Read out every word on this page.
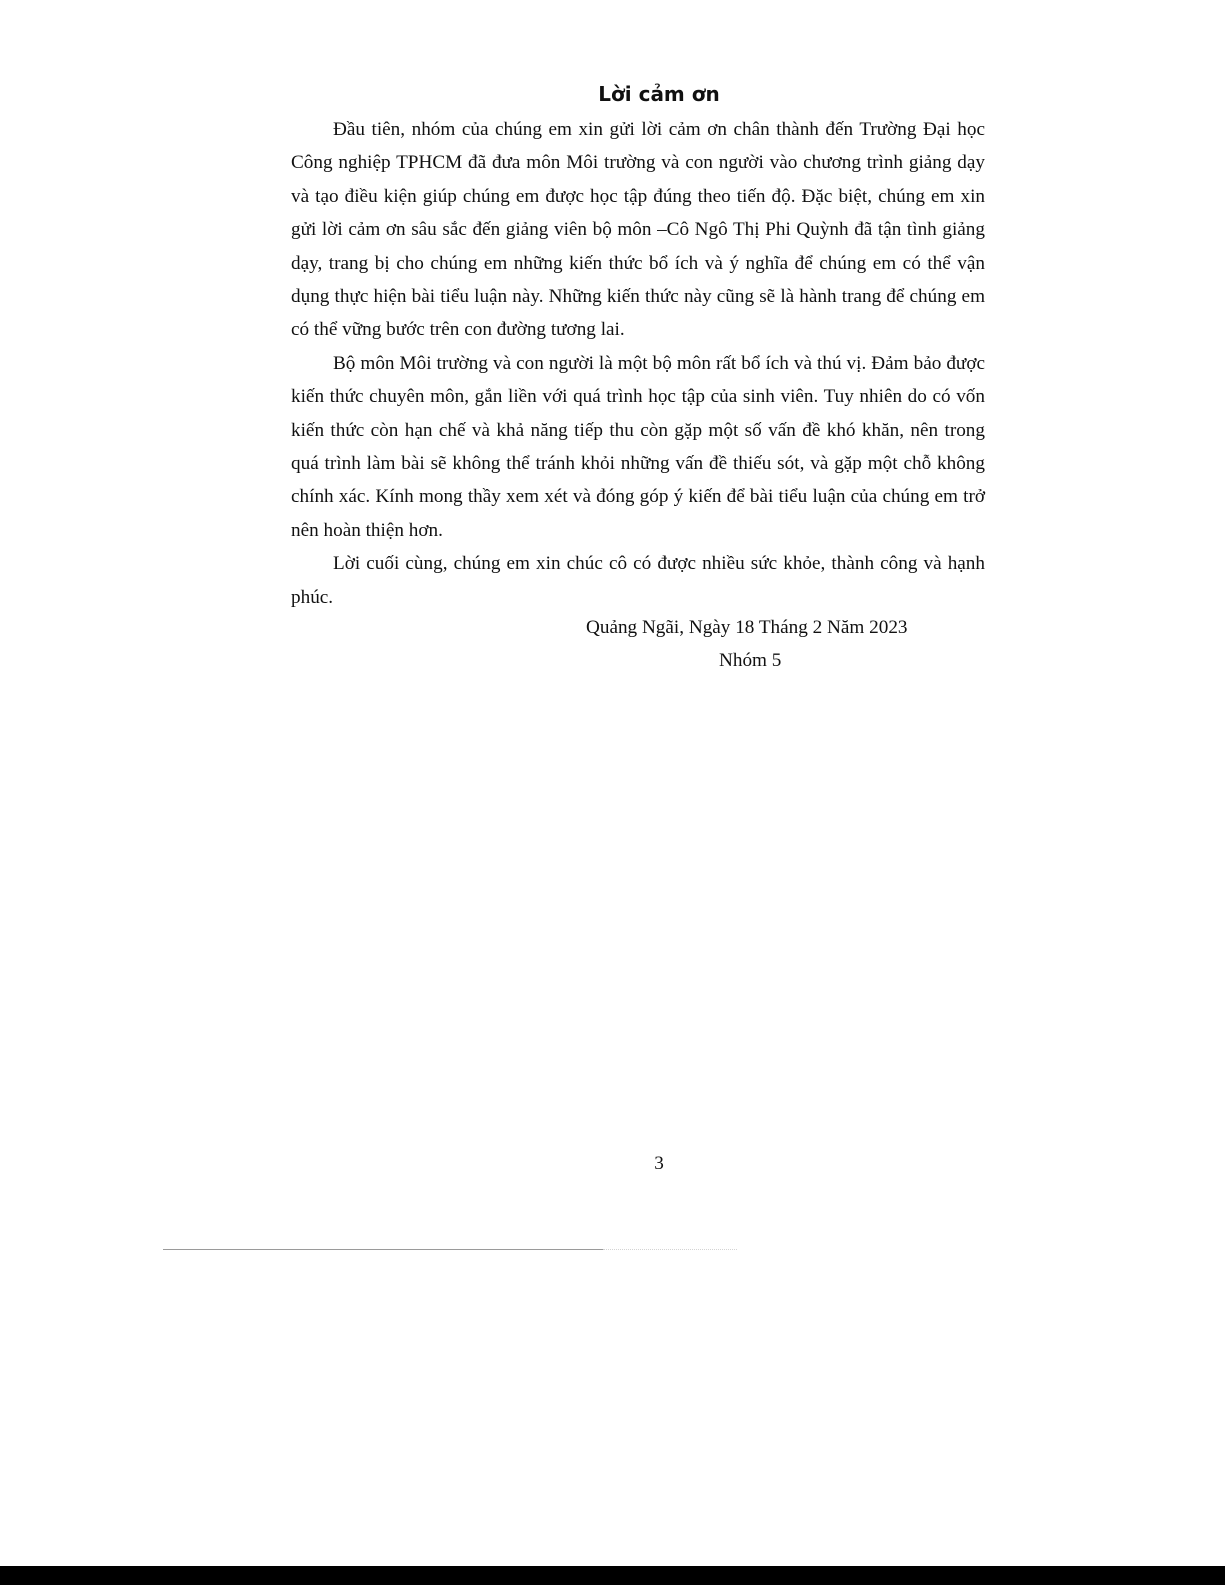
Lời cảm ơn

Đầu tiên, nhóm của chúng em xin gửi lời cảm ơn chân thành đến Trường Đại học Công nghiệp TPHCM đã đưa môn Môi trường và con người vào chương trình giảng dạy và tạo điều kiện giúp chúng em được học tập đúng theo tiến độ. Đặc biệt, chúng em xin gửi lời cảm ơn sâu sắc đến giảng viên bộ môn –Cô Ngô Thị Phi Quỳnh đã tận tình giảng dạy, trang bị cho chúng em những kiến thức bổ ích và ý nghĩa để chúng em có thể vận dụng thực hiện bài tiểu luận này. Những kiến thức này cũng sẽ là hành trang để chúng em có thể vững bước trên con đường tương lai.

Bộ môn Môi trường và con người là một bộ môn rất bổ ích và thú vị. Đảm bảo được kiến thức chuyên môn, gắn liền với quá trình học tập của sinh viên. Tuy nhiên do có vốn kiến thức còn hạn chế và khả năng tiếp thu còn gặp một số vấn đề khó khăn, nên trong quá trình làm bài sẽ không thể tránh khỏi những vấn đề thiếu sót, và gặp một chỗ không chính xác. Kính mong thầy xem xét và đóng góp ý kiến để bài tiểu luận của chúng em trở nên hoàn thiện hơn.

Lời cuối cùng, chúng em xin chúc cô có được nhiều sức khỏe, thành công và hạnh phúc.

Quảng Ngãi, Ngày 18 Tháng 2 Năm 2023
Nhóm 5
3
